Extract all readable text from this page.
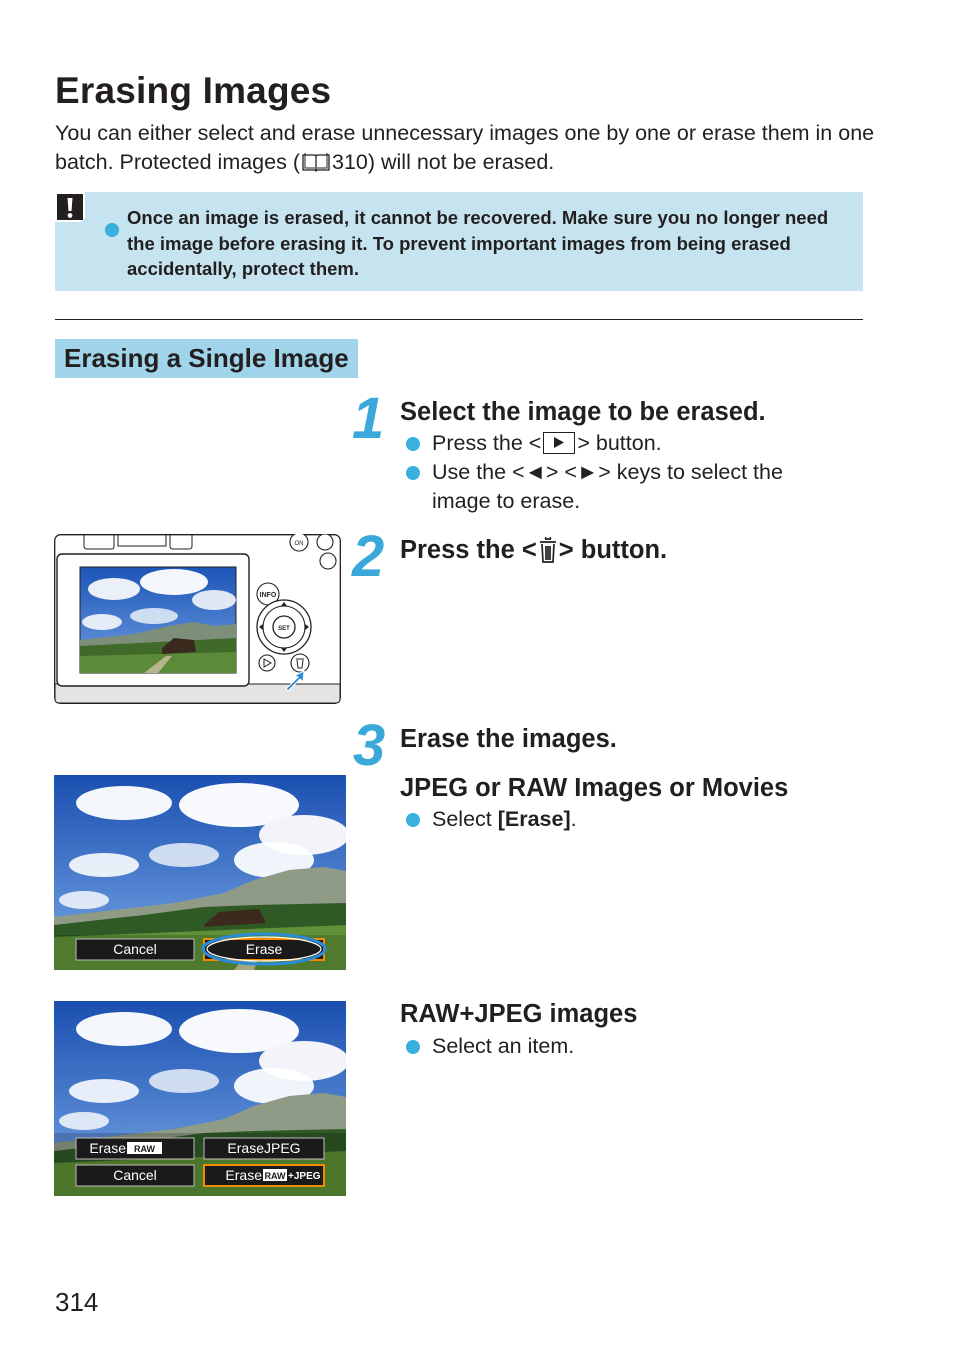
Erasing Images

You can either select and erase unnecessary images one by one or erase them in one batch. Protected images ( 310) will not be erased.

Once an image is erased, it cannot be recovered. Make sure you no longer need the image before erasing it. To prevent important images from being erased accidentally, protect them.
Erasing a Single Image
1 Select the image to be erased.
Press the < > button.
Use the <◄> <►> keys to select the image to erase.
2 Press the < > button.
INFO
SET
ON
3 Erase the images.
JPEG or RAW Images or Movies
Select [Erase].
Cancel	Erase
RAW+JPEG images
Select an item.
Erase RAW	EraseJPEG
Cancel	Erase RAW +JPEG
314
